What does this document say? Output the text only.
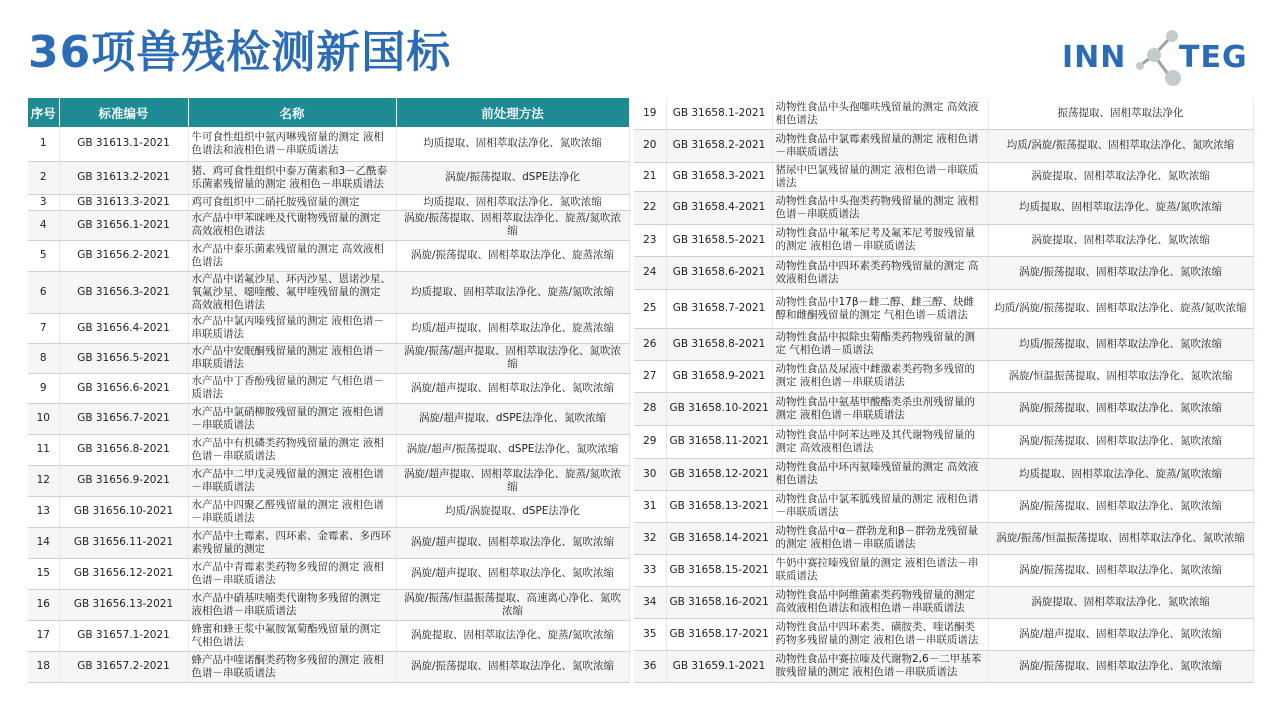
36项兽残检测新国标	INN TEG
序号	标准编号	名称	前处理方法
1	GB 31613.1-2021	牛可食性组织中氨丙啉残留量的测定 液相色谱法和液相色谱－串联质谱法	均质提取、固相萃取法净化、氮吹浓缩
2	GB 31613.2-2021	猪、鸡可食性组织中泰万菌素和3－乙酰泰乐菌素残留量的测定 液相色－串联质谱法	涡旋/振荡提取、dSPE法净化
3	GB 31613.3-2021	鸡可食组织中二硝托胺残留量的测定	均质提取、固相萃取法净化、氮吹浓缩
4	GB 31656.1-2021	水产品中甲苯咪唑及代谢物残留量的测定 高效液相色谱法	涡旋/振荡提取、固相萃取法净化、旋蒸/氮吹浓缩
5	GB 31656.2-2021	水产品中泰乐菌素残留量的测定 高效液相色谱法	涡旋/振荡提取、固相萃取法净化、旋蒸浓缩
6	GB 31656.3-2021	水产品中诺氟沙星、环丙沙星、恩诺沙星、氧氟沙星、噁喹酸、氟甲喹残留量的测定 高效液相色谱法	均质提取、固相萃取法净化、旋蒸/氮吹浓缩
7	GB 31656.4-2021	水产品中氯丙嗪残留量的测定 液相色谱－串联质谱法	均质/超声提取、固相萃取法净化、旋蒸浓缩
8	GB 31656.5-2021	水产品中安眠酮残留量的测定 液相色谱－串联质谱法	涡旋/振荡/超声提取、固相萃取法净化、氮吹浓缩
9	GB 31656.6-2021	水产品中丁香酚残留量的测定 气相色谱－质谱法	涡旋/超声提取、固相萃取法净化、氮吹浓缩
10	GB 31656.7-2021	水产品中氯硝柳胺残留量的测定 液相色谱－串联质谱法	涡旋/超声提取、dSPE法净化、氮吹浓缩
11	GB 31656.8-2021	水产品中有机磷类药物残留量的测定 液相色谱－串联质谱法	涡旋/超声/振荡提取、dSPE法净化、氮吹浓缩
12	GB 31656.9-2021	水产品中二甲戊灵残留量的测定 液相色谱－串联质谱法	涡旋/超声提取、固相萃取法净化、旋蒸/氮吹浓缩
13	GB 31656.10-2021	水产品中四聚乙醛残留量的测定 液相色谱－串联质谱法	均质/涡旋提取、dSPE法净化
14	GB 31656.11-2021	水产品中土霉素、四环素、金霉素、多西环素残留量的测定	涡旋/超声提取、固相萃取法净化、氮吹浓缩
15	GB 31656.12-2021	水产品中青霉素类药物多残留的测定 液相色谱－串联质谱法	涡旋/超声提取、固相萃取法净化、氮吹浓缩
16	GB 31656.13-2021	水产品中硝基呋喃类代谢物多残留的测定 液相色谱－串联质谱法	涡旋/振荡/恒温振荡提取、高速离心净化、氮吹浓缩
17	GB 31657.1-2021	蜂蜜和蜂王浆中氟胺氰菊酯残留量的测定 气相色谱法	涡旋提取、固相萃取法净化、旋蒸/氮吹浓缩
18	GB 31657.2-2021	蜂产品中喹诺酮类药物多残留的测定 液相色谱－串联质谱法	涡旋/振荡提取、固相萃取法净化、氮吹浓缩
19	GB 31658.1-2021	动物性食品中头孢噻呋残留量的测定 高效液相色谱法	振荡提取、固相萃取法净化
20	GB 31658.2-2021	动物性食品中氯霉素残留量的测定 液相色谱－串联质谱法	均质/涡旋/振荡提取、固相萃取法净化、氮吹浓缩
21	GB 31658.3-2021	猪尿中巴氯残留量的测定 液相色谱－串联质谱法	涡旋提取、固相萃取法净化、氮吹浓缩
22	GB 31658.4-2021	动物性食品中头孢类药物残留量的测定 液相色谱－串联质谱法	均质提取、固相萃取法净化、旋蒸/氮吹浓缩
23	GB 31658.5-2021	动物性食品中氟苯尼考及氟苯尼考胺残留量的测定 液相色谱－串联质谱法	涡旋提取、固相萃取法净化、氮吹浓缩
24	GB 31658.6-2021	动物性食品中四环素类药物残留量的测定 高效液相色谱法	涡旋/振荡提取、固相萃取法净化、氮吹浓缩
25	GB 31658.7-2021	动物性食品中17β－雌二醇、雌三醇、炔雌醇和雌酮残留量的测定 气相色谱－质谱法	均质/涡旋/振荡提取、固相萃取法净化、旋蒸/氮吹浓缩
26	GB 31658.8-2021	动物性食品中拟除虫菊酯类药物残留量的测定 气相色谱－质谱法	均质/振荡提取、固相萃取法净化、氮吹浓缩
27	GB 31658.9-2021	动物性食品及尿液中雌激素类药物多残留的测定 液相色谱－串联质谱法	涡旋/恒温振荡提取、固相萃取法净化、氮吹浓缩
28	GB 31658.10-2021	动物性食品中氨基甲酸酯类杀虫剂残留量的测定 液相色谱－串联质谱法	涡旋/振荡提取、固相萃取法净化、氮吹浓缩
29	GB 31658.11-2021	动物性食品中阿苯达唑及其代谢物残留量的测定 高效液相色谱法	涡旋/振荡提取、固相萃取法净化、氮吹浓缩
30	GB 31658.12-2021	动物性食品中环丙氨嗪残留量的测定 高效液相色谱法	均质提取、固相萃取法净化、旋蒸/氮吹浓缩
31	GB 31658.13-2021	动物性食品中氯苯胍残留量的测定 液相色谱－串联质谱法	涡旋/振荡提取、固相萃取法净化、氮吹浓缩
32	GB 31658.14-2021	动物性食品中α－群勃龙和β－群勃龙残留量的测定 液相色谱－串联质谱法	涡旋/振荡/恒温振荡提取、固相萃取法净化、氮吹浓缩
33	GB 31658.15-2021	牛奶中赛拉嗪残留量的测定 液相色谱法－串联质谱法	涡旋/振荡提取、固相萃取法净化、氮吹浓缩
34	GB 31658.16-2021	动物性食品中阿维菌素类药物残留量的测定 高效液相色谱法和液相色谱－串联质谱法	涡旋提取、固相萃取法净化、氮吹浓缩
35	GB 31658.17-2021	动物性食品中四环素类、磺胺类、喹诺酮类药物多残留量的测定 液相色谱－串联质谱法	涡旋/超声提取、固相萃取法净化、氮吹浓缩
36	GB 31659.1-2021	动物性食品中赛拉嗪及代谢物2,6－二甲基苯胺残留量的测定 液相色谱－串联质谱法	涡旋/振荡提取、固相萃取法净化、氮吹浓缩
